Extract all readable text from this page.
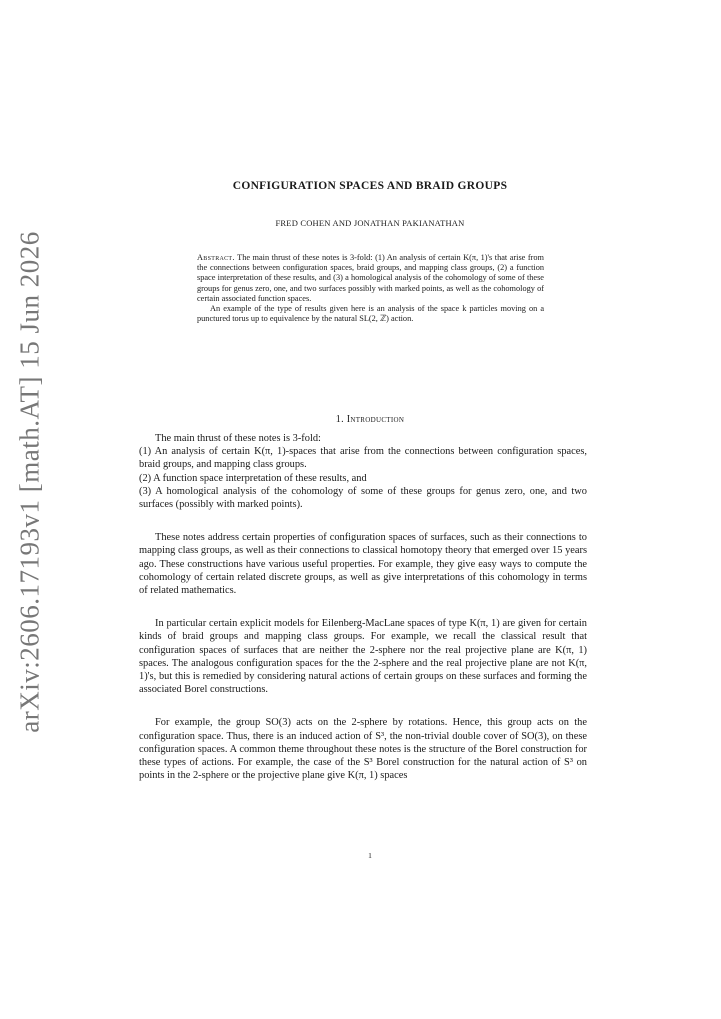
arXiv:2606.17193v1 [math.AT] 15 Jun 2026
CONFIGURATION SPACES AND BRAID GROUPS
FRED COHEN AND JONATHAN PAKIANATHAN

Abstract. The main thrust of these notes is 3-fold: (1) An analysis of certain K(π, 1)'s that arise from the connections between configuration spaces, braid groups, and mapping class groups, (2) a function space interpretation of these results, and (3) a homological analysis of the cohomology of some of these groups for genus zero, one, and two surfaces possibly with marked points, as well as the cohomology of certain associated function spaces.

An example of the type of results given here is an analysis of the space k particles moving on a punctured torus up to equivalence by the natural SL(2, ℤ) action.

1. Introduction

The main thrust of these notes is 3-fold:

(1) An analysis of certain K(π, 1)-spaces that arise from the connections between configuration spaces, braid groups, and mapping class groups.

(2) A function space interpretation of these results, and

(3) A homological analysis of the cohomology of some of these groups for genus zero, one, and two surfaces (possibly with marked points).

These notes address certain properties of configuration spaces of surfaces, such as their connections to mapping class groups, as well as their connections to classical homotopy theory that emerged over 15 years ago. These constructions have various useful properties. For example, they give easy ways to compute the cohomology of certain related discrete groups, as well as give interpretations of this cohomology in terms of related mathematics.

In particular certain explicit models for Eilenberg-MacLane spaces of type K(π, 1) are given for certain kinds of braid groups and mapping class groups. For example, we recall the classical result that configuration spaces of surfaces that are neither the 2-sphere nor the real projective plane are K(π, 1) spaces. The analogous configuration spaces for the the 2-sphere and the real projective plane are not K(π, 1)'s, but this is remedied by considering natural actions of certain groups on these surfaces and forming the associated Borel constructions.

For example, the group SO(3) acts on the 2-sphere by rotations. Hence, this group acts on the configuration space. Thus, there is an induced action of S³, the non-trivial double cover of SO(3), on these configuration spaces. A common theme throughout these notes is the structure of the Borel construction for these types of actions. For example, the case of the S³ Borel construction for the natural action of S³ on points in the 2-sphere or the projective plane give K(π, 1) spaces

1
